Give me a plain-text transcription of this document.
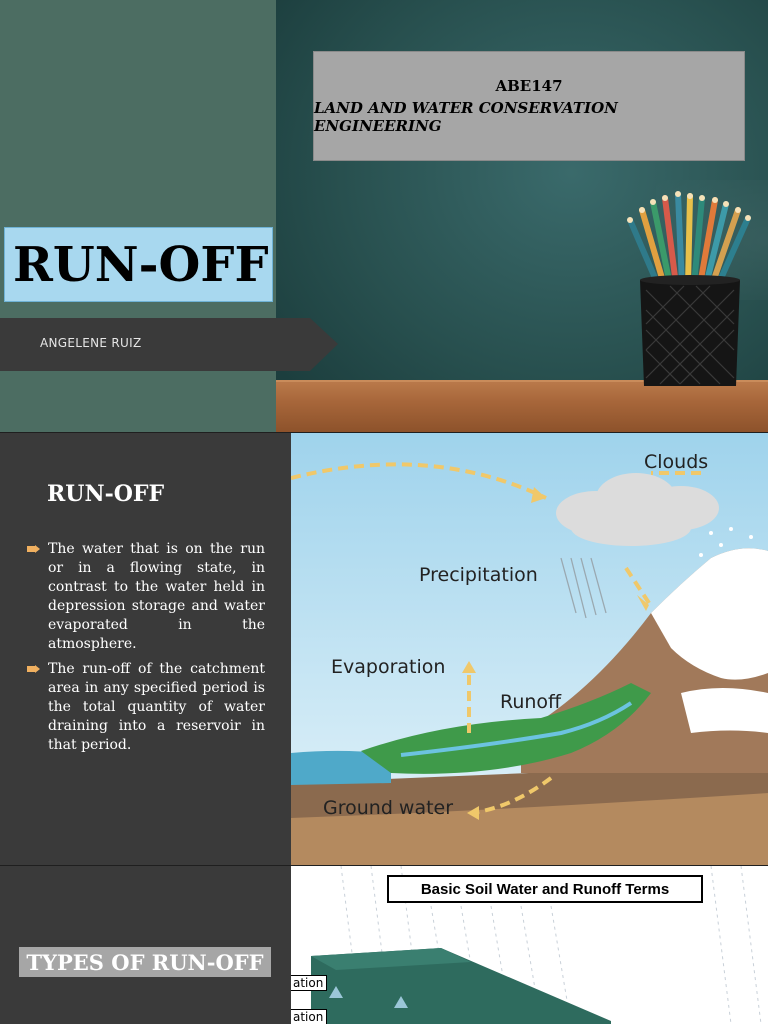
ABE147
LAND AND WATER CONSERVATION ENGINEERING
RUN-OFF
ANGELENE RUIZ
RUN-OFF
The water that is on the run or in a flowing state, in contrast to the water held in depression storage and water evaporated in the atmosphere.
The run-off of the catchment area in any specified period is the total quantity of water draining into a reservoir in that period.
Clouds
Precipitation
Evaporation
Runoff
Ground water
TYPES OF RUN-OFF
Basic Soil Water and Runoff Terms
ation
ation
